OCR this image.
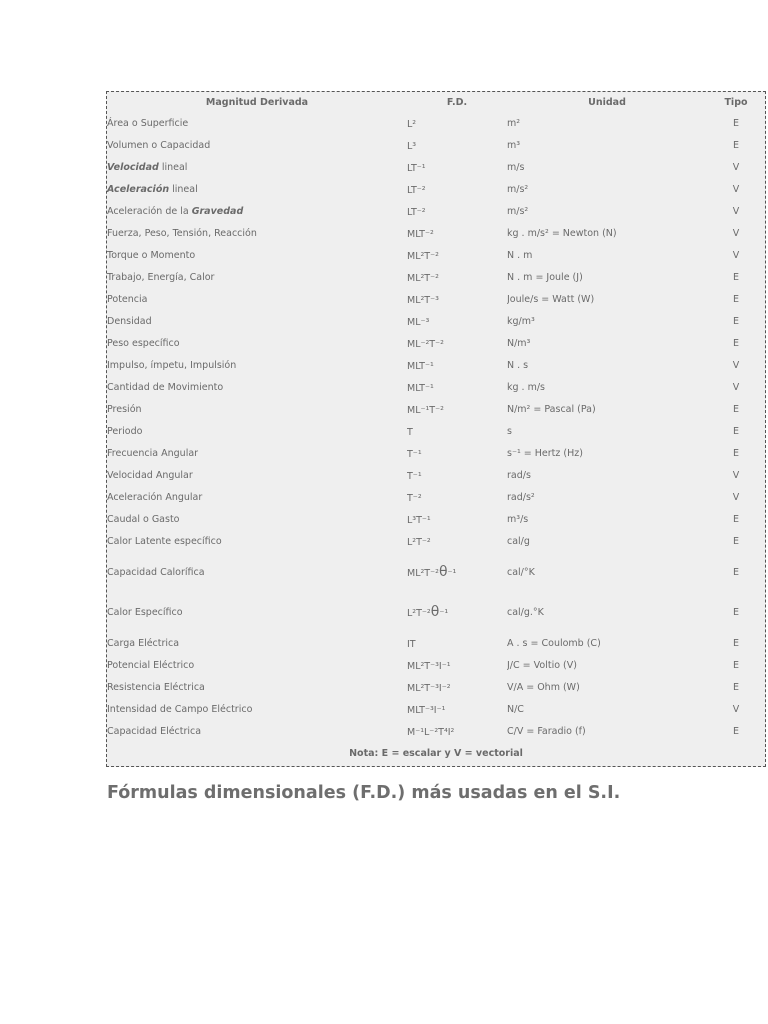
Magnitud Derivada	F.D.	Unidad	Tipo
Área o Superficie	L²	m²	E
Volumen o Capacidad	L³	m³	E
Velocidad lineal	LT⁻¹	m/s	V
Aceleración lineal	LT⁻²	m/s²	V
Aceleración de la Gravedad	LT⁻²	m/s²	V
Fuerza, Peso, Tensión, Reacción	MLT⁻²	kg . m/s² = Newton (N)	V
Torque o Momento	ML²T⁻²	N . m	V
Trabajo, Energía, Calor	ML²T⁻²	N . m = Joule (J)	E
Potencia	ML²T⁻³	Joule/s = Watt (W)	E
Densidad	ML⁻³	kg/m³	E
Peso específico	ML⁻²T⁻²	N/m³	E
Impulso, ímpetu, Impulsión	MLT⁻¹	N . s	V
Cantidad de Movimiento	MLT⁻¹	kg . m/s	V
Presión	ML⁻¹T⁻²	N/m² = Pascal (Pa)	E
Periodo	T	s	E
Frecuencia Angular	T⁻¹	s⁻¹ = Hertz (Hz)	E
Velocidad Angular	T⁻¹	rad/s	V
Aceleración Angular	T⁻²	rad/s²	V
Caudal o Gasto	L³T⁻¹	m³/s	E
Calor Latente específico	L²T⁻²	cal/g	E
Capacidad Calorífica	ML²T⁻²θ⁻¹	cal/°K	E
Calor Específico	L²T⁻²θ⁻¹	cal/g.°K	E
Carga Eléctrica	IT	A . s = Coulomb (C)	E
Potencial Eléctrico	ML²T⁻³I⁻¹	J/C = Voltio (V)	E
Resistencia Eléctrica	ML²T⁻³I⁻²	V/A = Ohm (W)	E
Intensidad de Campo Eléctrico	MLT⁻³I⁻¹	N/C	V
Capacidad Eléctrica	M⁻¹L⁻²T⁴I²	C/V = Faradio (f)	E
Nota: E = escalar y V = vectorial			
Fórmulas dimensionales (F.D.) más usadas en el S.I.
